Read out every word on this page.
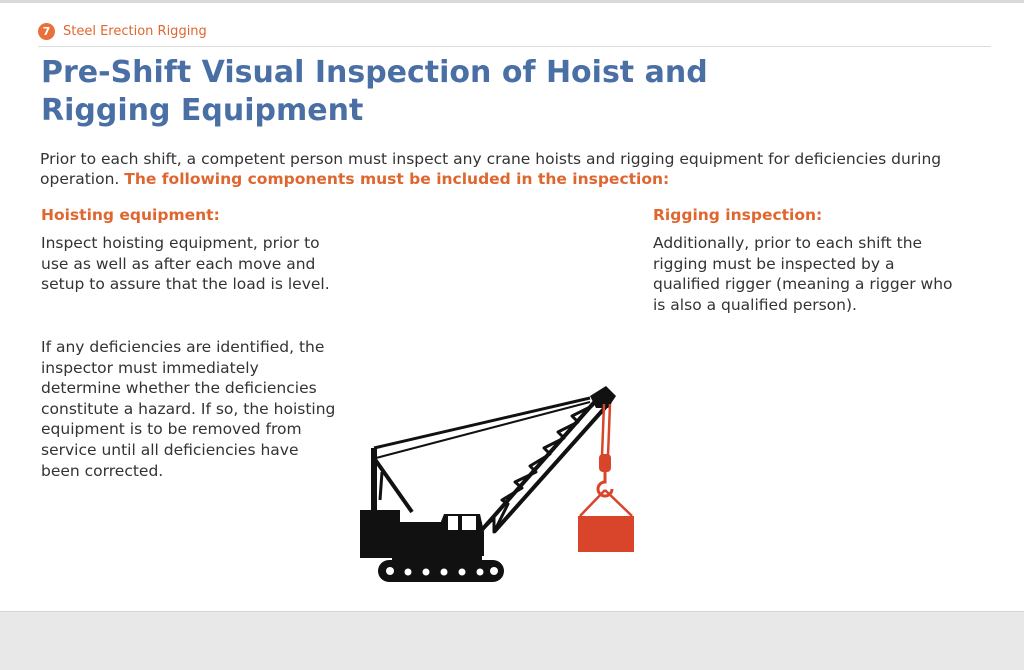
7 Steel Erection Rigging
Pre-Shift Visual Inspection of Hoist and Rigging Equipment

Prior to each shift, a competent person must inspect any crane hoists and rigging equipment for deficiencies during operation. The following components must be included in the inspection:

Hoisting equipment:

Inspect hoisting equipment, prior to use as well as after each move and setup to assure that the load is level.

If any deficiencies are identified, the inspector must immediately determine whether the deficiencies constitute a hazard. If so, the hoisting equipment is to be removed from service until all deficiencies have been corrected.

Rigging inspection:

Additionally, prior to each shift the rigging must be inspected by a qualified rigger (meaning a rigger who is also a qualified person).
